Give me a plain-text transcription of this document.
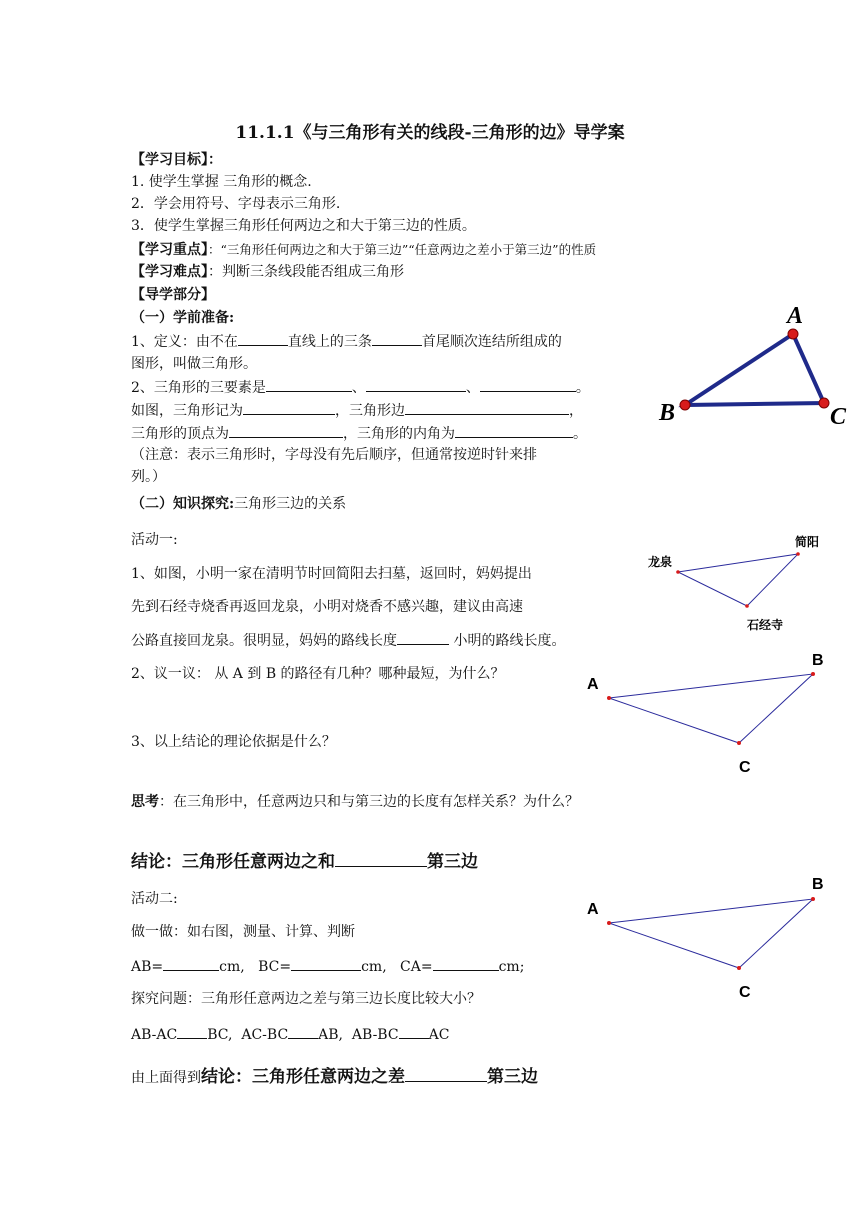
11.1.1《与三角形有关的线段-三角形的边》导学案
【学习目标】：
1. 使学生掌握 三角形的概念.
2．学会用符号、字母表示三角形.
3．使学生掌握三角形任何两边之和大于第三边的性质。
【学习重点】：“三角形任何两边之和大于第三边”“任意两边之差小于第三边”的性质
【学习难点】：判断三条线段能否组成三角形
【导学部分】
（一）学前准备:
1、定义：由不在	直线上的三条	首尾顺次连结所组成的
图形，叫做三角形。
2、三角形的三要素是	、	、	。
如图，三角形记为	，三角形边	，
三角形的顶点为	，三角形的内角为	。
（注意：表示三角形时，字母没有先后顺序，但通常按逆时针来排
列。）
（二）知识探究:三角形三边的关系
活动一:
1、如图，小明一家在清明节时回简阳去扫墓，返回时，妈妈提出
先到石经寺烧香再返回龙泉，小明对烧香不感兴趣，建议由高速
公路直接回龙泉。很明显，妈妈的路线长度	小明的路线长度。
2、议一议： 从 A 到 B 的路径有几种？哪种最短，为什么？
3、以上结论的理论依据是什么？
思考：在三角形中，任意两边只和与第三边的长度有怎样关系？为什么？
结论：三角形任意两边之和	第三边
活动二:
做一做：如右图，测量、计算、判断
AB=	cm, BC=	cm, CA=	cm;
探究问题：三角形任意两边之差与第三边长度比较大小？
AB-AC BC, AC-BC AB, AB-BC AC
由上面得到结论：三角形任意两边之差	第三边
A
B	C
龙泉
简阳
石经寺
A
B
C
A
B
C
